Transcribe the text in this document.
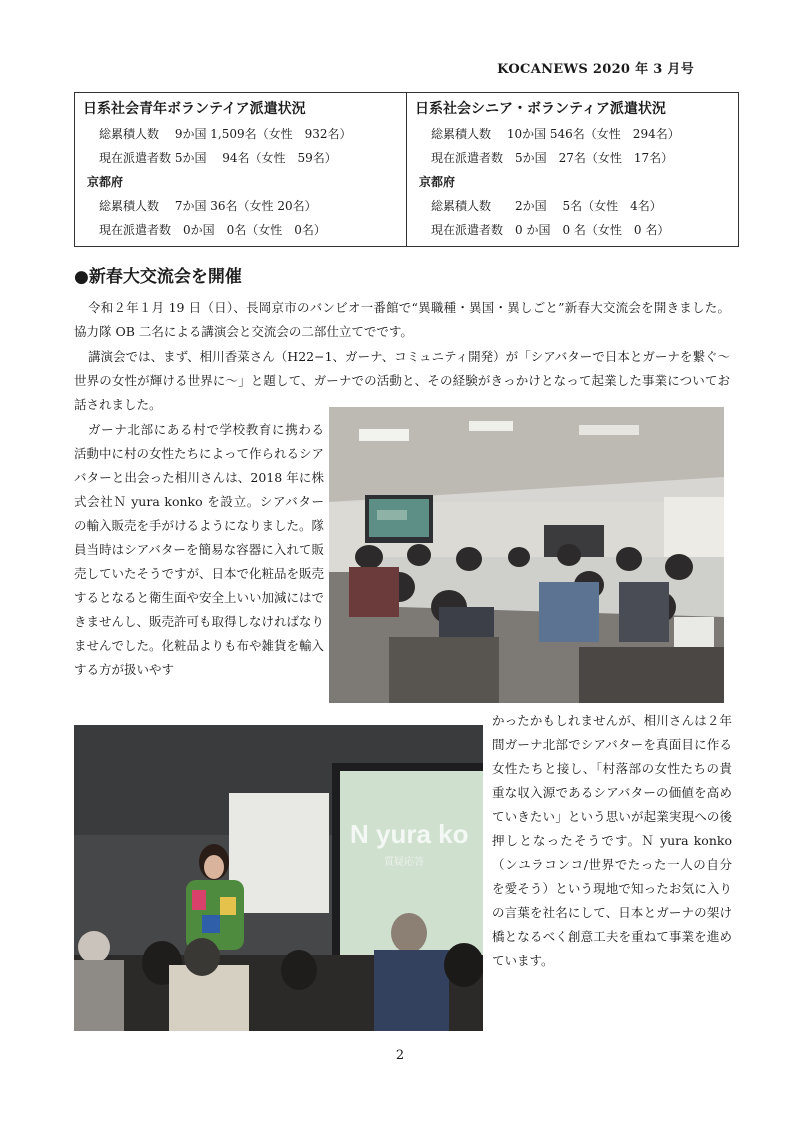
KOCANEWS 2020 年 3 月号
日系社会青年ボランテイア派遣状況
総累積人数　 9か国 1,509名（女性　932名）
現在派遣者数 5か国　 94名（女性　59名）
京都府
総累積人数　 7か国 36名（女性 20名）
現在派遣者数　0か国　0名（女性　0名）
日系社会シニア・ボランティア派遣状況
総累積人数　 10か国 546名（女性　294名）
現在派遣者数　5か国　27名（女性　17名）
京都府
総累積人数　　2か国　 5名（女性　4名）
現在派遣者数　0 か国　0 名（女性　0 名）
●新春大交流会を開催

令和２年１月 19 日（日）、長岡京市のバンビオ一番館で“異職種・異国・異しごと”新春大交流会を開きました。協力隊 OB 二名による講演会と交流会の二部仕立てでです。

講演会では、まず、相川香菜さん（H22−1、ガーナ、コミュニティ開発）が「シアバターで日本とガーナを繋ぐ〜世界の女性が輝ける世界に〜」と題して、ガーナでの活動と、その経験がきっかけとなって起業した事業についてお話されました。

ガーナ北部にある村で学校教育に携わる活動中に村の女性たちによって作られるシアバターと出会った相川さんは、2018 年に株式会社Ｎ yura konko を設立。シアバターの輸入販売を手がけるようになりました。隊員当時はシアバターを簡易な容器に入れて販売していたそうですが、日本で化粧品を販売するとなると衛生面や安全上いい加減にはできませんし、販売許可も取得しなければなりませんでした。化粧品よりも布や雑貨を輸入する方が扱いやす

かったかもしれませんが、相川さんは２年間ガーナ北部でシアバターを真面目に作る女性たちと接し、「村落部の女性たちの貴重な収入源であるシアバターの価値を高めていきたい」という思いが起業実現への後押しとなったそうです。Ｎ yura konko（ンユラコンコ/世界でたった一人の自分を愛そう）という現地で知ったお気に入りの言葉を社名にして、日本とガーナの架け橋となるべく創意工夫を重ねて事業を進めています。

N yura ko
質疑応答
2
